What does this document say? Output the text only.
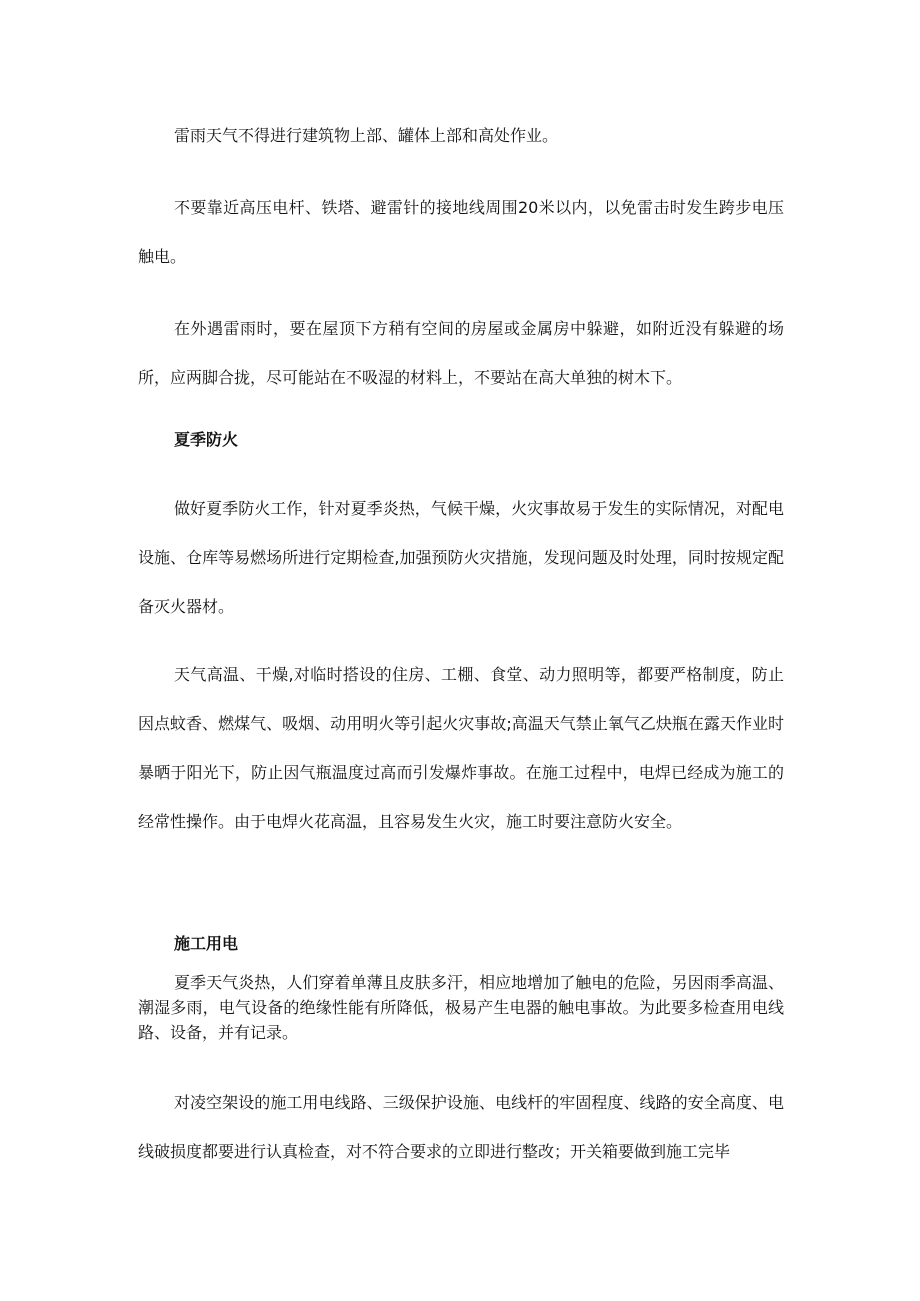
雷雨天气不得进行建筑物上部、罐体上部和高处作业。

不要靠近高压电杆、铁塔、避雷针的接地线周围20米以内，以免雷击时发生跨步电压触电。

在外遇雷雨时，要在屋顶下方稍有空间的房屋或金属房中躲避，如附近没有躲避的场所，应两脚合拢，尽可能站在不吸湿的材料上，不要站在高大单独的树木下。

夏季防火

做好夏季防火工作，针对夏季炎热，气候干燥，火灾事故易于发生的实际情况，对配电设施、仓库等易燃场所进行定期检查,加强预防火灾措施，发现问题及时处理，同时按规定配备灭火器材。

天气高温、干燥,对临时搭设的住房、工棚、食堂、动力照明等，都要严格制度，防止因点蚊香、燃煤气、吸烟、动用明火等引起火灾事故;高温天气禁止氧气乙炔瓶在露天作业时暴晒于阳光下，防止因气瓶温度过高而引发爆炸事故。在施工过程中，电焊已经成为施工的经常性操作。由于电焊火花高温，且容易发生火灾，施工时要注意防火安全。

施工用电

夏季天气炎热，人们穿着单薄且皮肤多汗，相应地增加了触电的危险，另因雨季高温、潮湿多雨，电气设备的绝缘性能有所降低，极易产生电器的触电事故。为此要多检查用电线路、设备，并有记录。

对凌空架设的施工用电线路、三级保护设施、电线杆的牢固程度、线路的安全高度、电线破损度都要进行认真检查，对不符合要求的立即进行整改；开关箱要做到施工完毕
